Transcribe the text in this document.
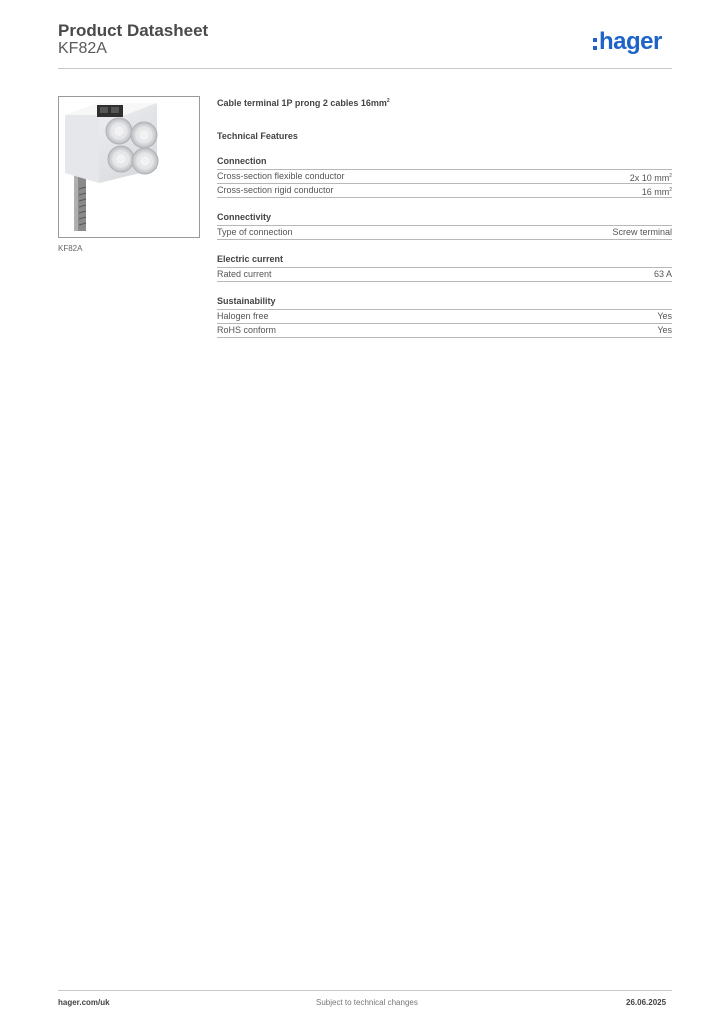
Product Datasheet
KF82A	hager
KF82A
Cable terminal 1P prong 2 cables $16mm^2$
Technical Features
Connection
Cross-section flexible conductor	2x 10 $mm^2$
Cross-section rigid conductor	16 $mm^2$
Connectivity
Type of connection	Screw terminal
Electric current
Rated current	63 A
Sustainability
Halogen free	Yes
RoHS conform	Yes
hager.com/uk	Subject to technical changes	26.06.2025
